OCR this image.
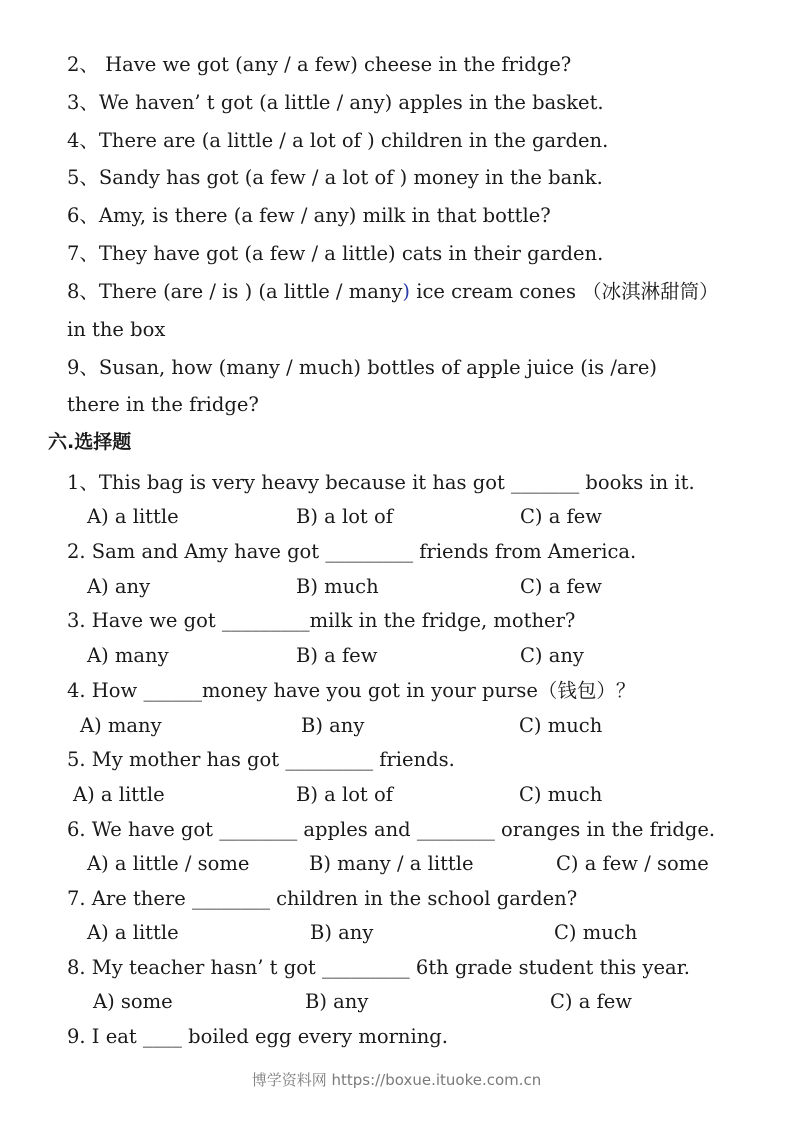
2、 Have we got (any / a few) cheese in the fridge?
3、We haven’ t got (a little / any) apples in the basket.
4、There are (a little / a lot of ) children in the garden.
5、Sandy has got (a few / a lot of ) money in the bank.
6、Amy, is there (a few / any) milk in that bottle?
7、They have got (a few / a little) cats in their garden.
8、There (are / is ) (a little / many) ice cream cones （冰淇淋甜筒）
in the box
9、Susan, how (many / much) bottles of apple juice (is /are)
there in the fridge?
六.选择题
1、This bag is very heavy because it has got _______ books in it.
A) a little	B) a lot of	C) a few
2. Sam and Amy have got _________ friends from America.
A) any	B) much	C) a few
3. Have we got _________milk in the fridge, mother?
A) many	B) a few	C) any
4. How ______money have you got in your purse（钱包）？
A) many	B) any	C) much
5. My mother has got _________ friends.
A) a little	B) a lot of	C) much
6. We have got ________ apples and ________ oranges in the fridge.
A) a little / some	B) many / a little	C) a few / some
7. Are there ________ children in the school garden?
A) a little	B) any	C) much
8. My teacher hasn’ t got _________ 6th grade student this year.
A) some	B) any	C) a few
9. I eat ____ boiled egg every morning.
博学资料网 https://boxue.ituoke.com.cn
